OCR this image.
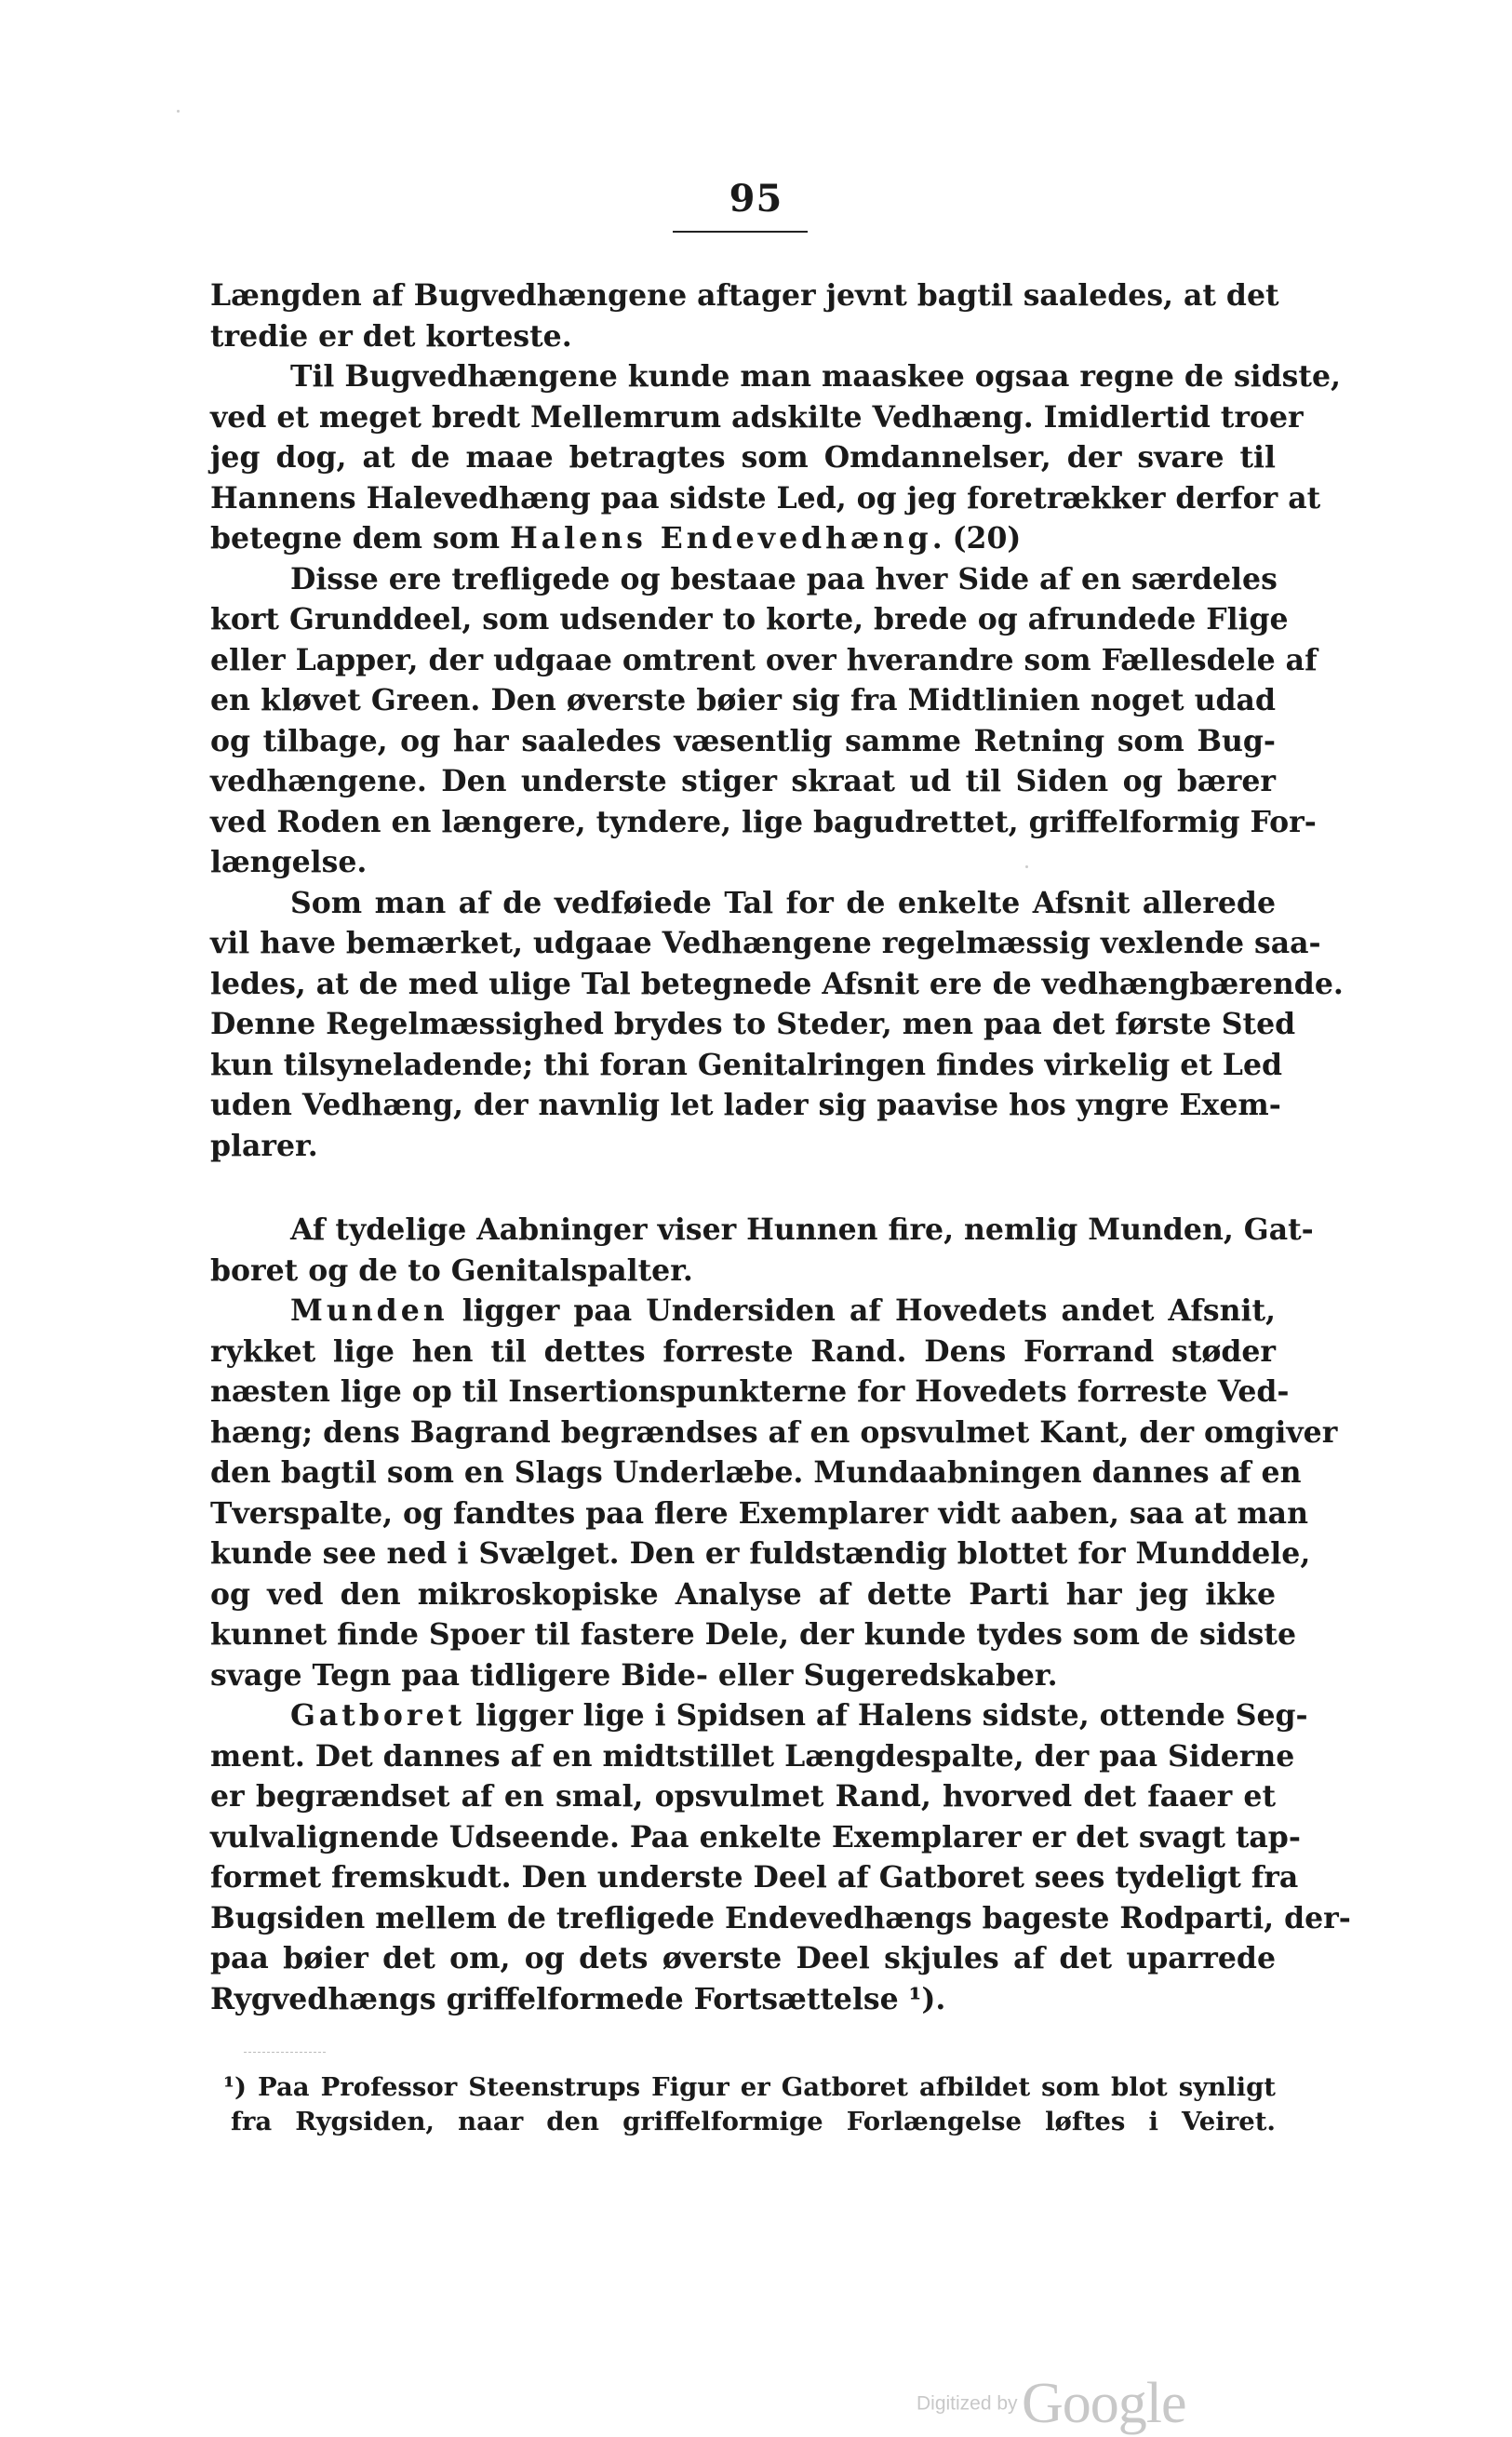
95
Længden af Bugvedhængene aftager jevnt bagtil saaledes, at det
tredie er det korteste.
Til Bugvedhængene kunde man maaskee ogsaa regne de sidste,
ved et meget bredt Mellemrum adskilte Vedhæng. Imidlertid troer
jeg dog, at de maae betragtes som Omdannelser, der svare til
Hannens Halevedhæng paa sidste Led, og jeg foretrækker derfor at
betegne dem som Halens Endevedhæng. (20)
Disse ere trefligede og bestaae paa hver Side af en særdeles
kort Grunddeel, som udsender to korte, brede og afrundede Flige
eller Lapper, der udgaae omtrent over hverandre som Fællesdele af
en kløvet Green. Den øverste bøier sig fra Midtlinien noget udad
og tilbage, og har saaledes væsentlig samme Retning som Bug-
vedhængene. Den underste stiger skraat ud til Siden og bærer
ved Roden en længere, tyndere, lige bagudrettet, griffelformig For-
længelse.
Som man af de vedføiede Tal for de enkelte Afsnit allerede
vil have bemærket, udgaae Vedhængene regelmæssig vexlende saa-
ledes, at de med ulige Tal betegnede Afsnit ere de vedhængbærende.
Denne Regelmæssighed brydes to Steder, men paa det første Sted
kun tilsyneladende; thi foran Genitalringen findes virkelig et Led
uden Vedhæng, der navnlig let lader sig paavise hos yngre Exem-
plarer.
Af tydelige Aabninger viser Hunnen fire, nemlig Munden, Gat-
boret og de to Genitalspalter.
Munden ligger paa Undersiden af Hovedets andet Afsnit,
rykket lige hen til dettes forreste Rand. Dens Forrand støder
næsten lige op til Insertionspunkterne for Hovedets forreste Ved-
hæng; dens Bagrand begrændses af en opsvulmet Kant, der omgiver
den bagtil som en Slags Underlæbe. Mundaabningen dannes af en
Tverspalte, og fandtes paa flere Exemplarer vidt aaben, saa at man
kunde see ned i Svælget. Den er fuldstændig blottet for Munddele,
og ved den mikroskopiske Analyse af dette Parti har jeg ikke
kunnet finde Spoer til fastere Dele, der kunde tydes som de sidste
svage Tegn paa tidligere Bide- eller Sugeredskaber.
Gatboret ligger lige i Spidsen af Halens sidste, ottende Seg-
ment. Det dannes af en midtstillet Længdespalte, der paa Siderne
er begrændset af en smal, opsvulmet Rand, hvorved det faaer et
vulvalignende Udseende. Paa enkelte Exemplarer er det svagt tap-
formet fremskudt. Den underste Deel af Gatboret sees tydeligt fra
Bugsiden mellem de trefligede Endevedhængs bageste Rodparti, der-
paa bøier det om, og dets øverste Deel skjules af det uparrede
Rygvedhængs griffelformede Fortsættelse ¹).
¹) Paa Professor Steenstrups Figur er Gatboret afbildet som blot synligt
fra Rygsiden, naar den griffelformige Forlængelse løftes i Veiret.
Digitized by Google
